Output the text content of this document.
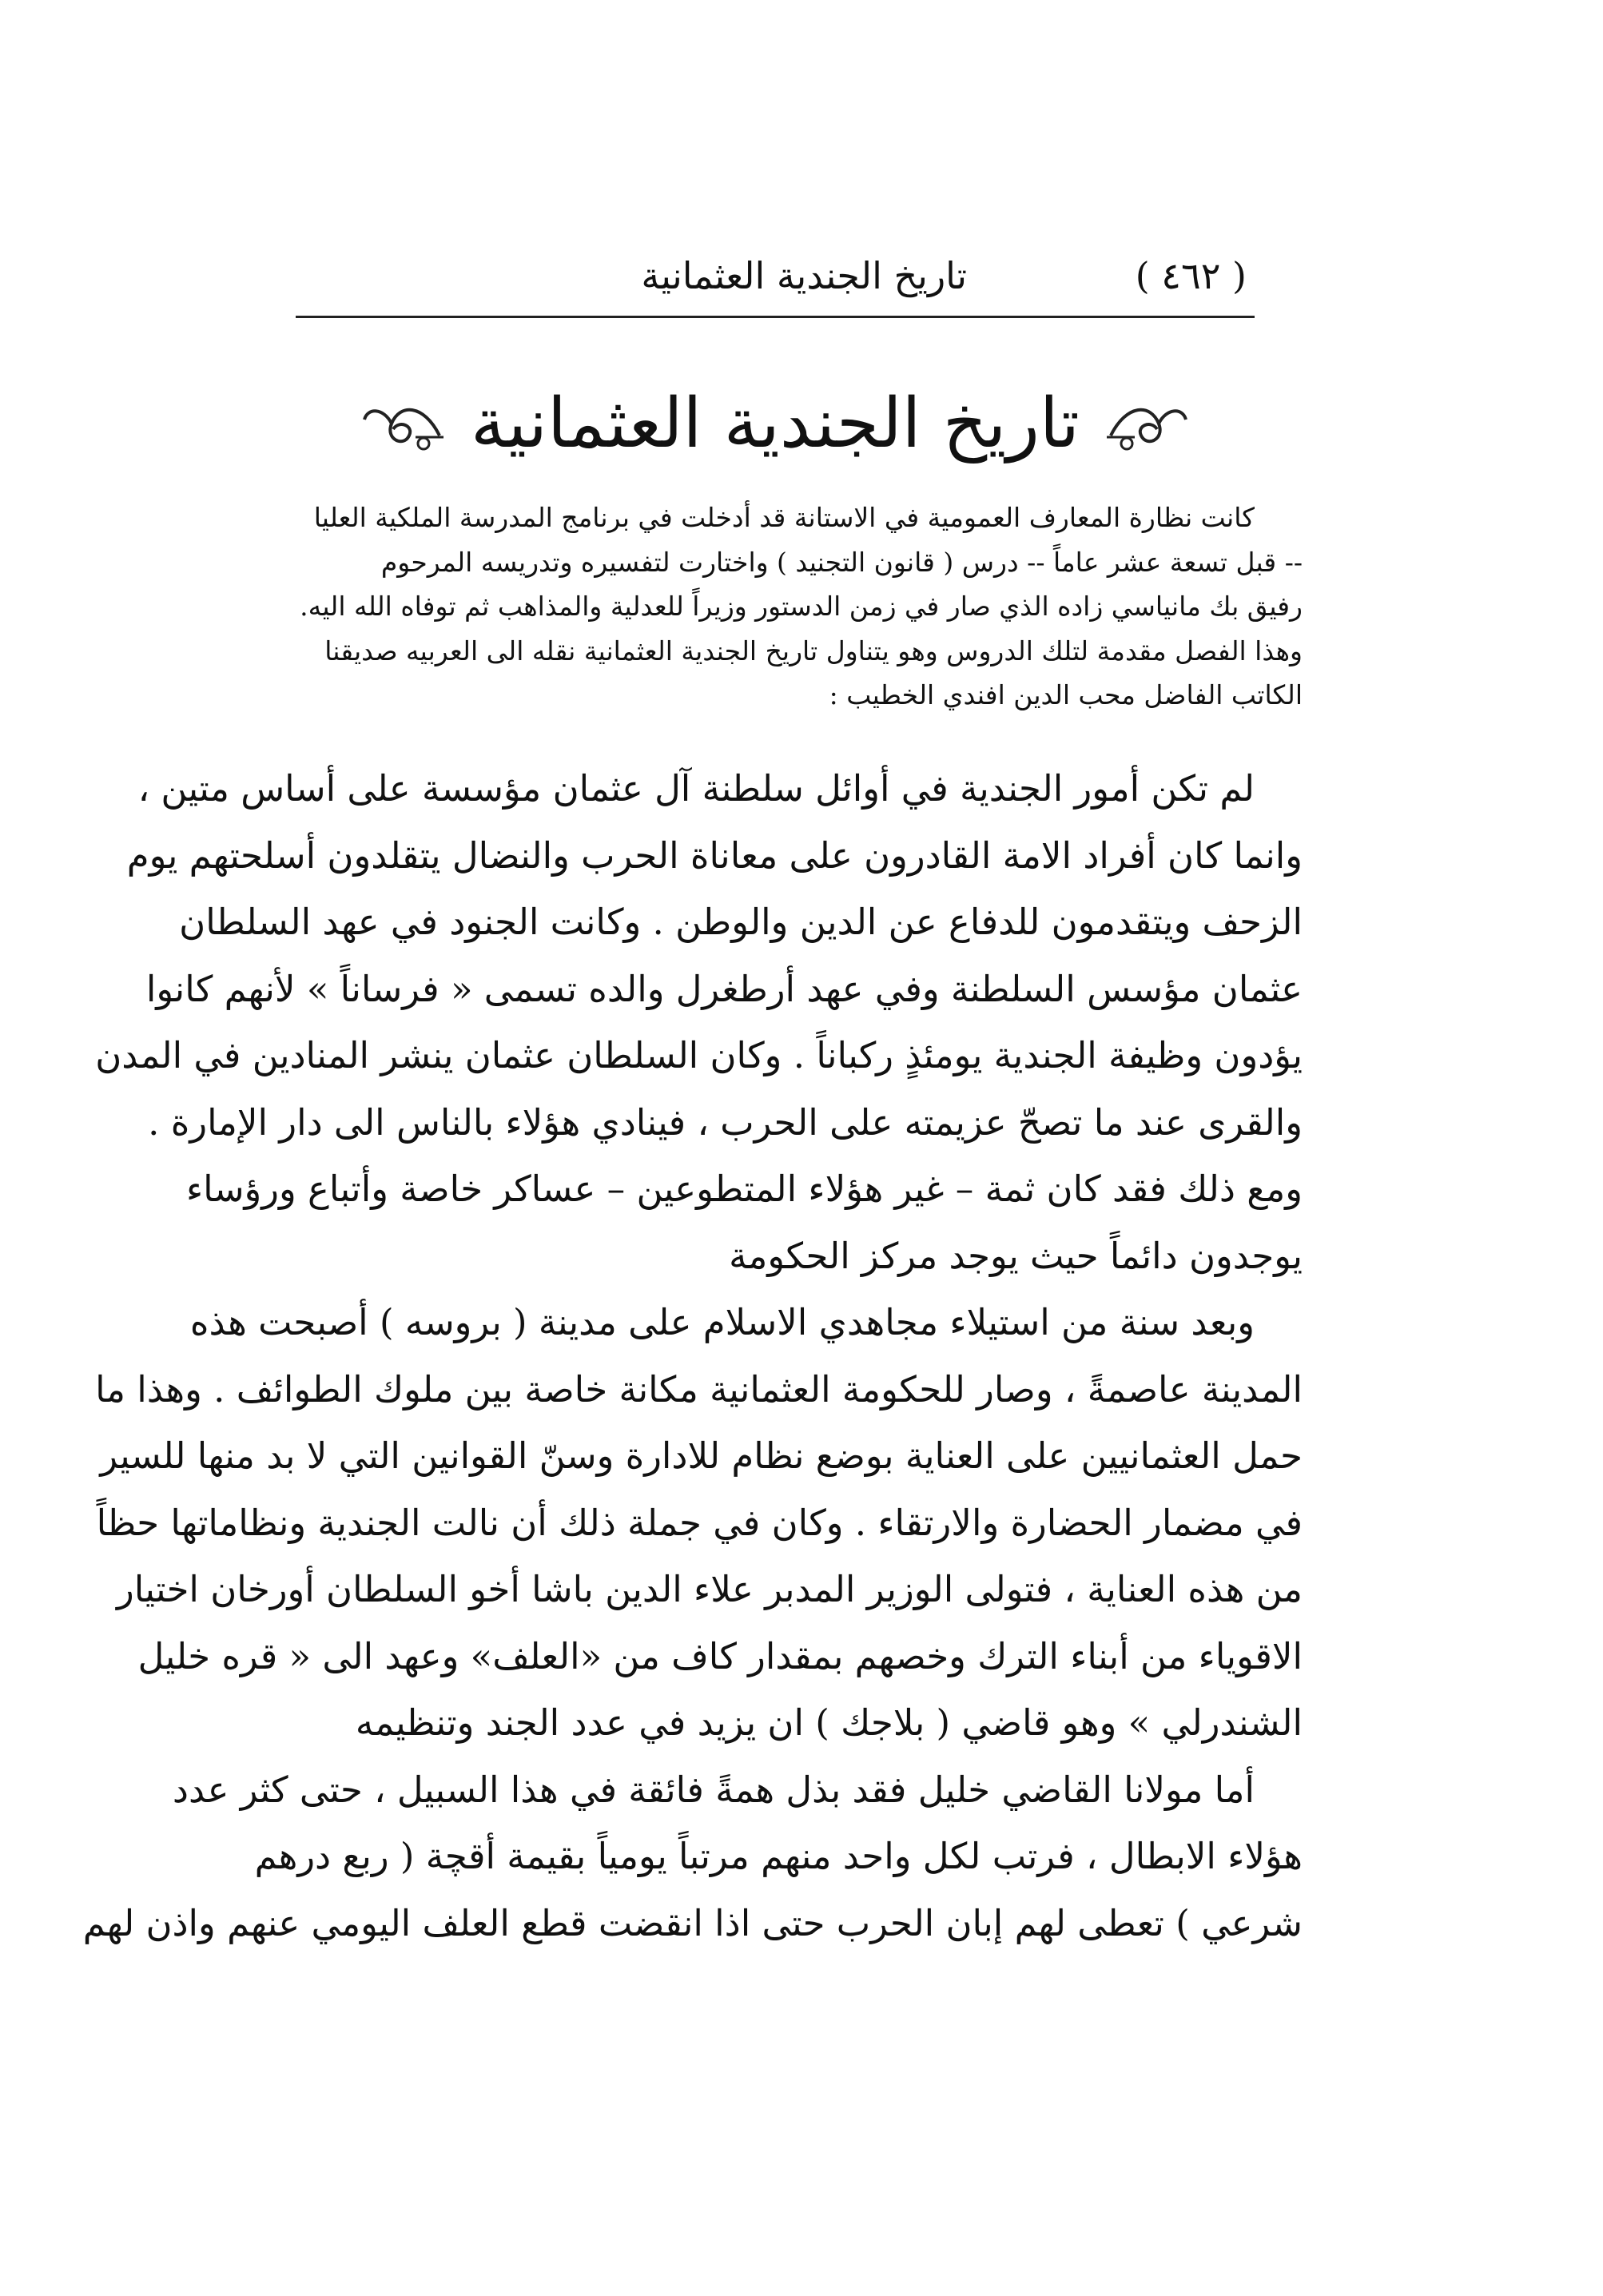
( ٤٦٢ )
تاريخ الجندية العثمانية
تاريخ الجندية العثمانية
كانت نظارة المعارف العمومية في الاستانة قد أدخلت في برنامج المدرسة الملكية العليا
-- قبل تسعة عشر عاماً -- درس ( قانون التجنيد ) واختارت لتفسيره وتدريسه المرحوم
رفيق بك مانياسي زاده الذي صار في زمن الدستور وزيراً للعدلية والمذاهب ثم توفاه الله اليه.
وهذا الفصل مقدمة لتلك الدروس وهو يتناول تاريخ الجندية العثمانية نقله الى العربيه صديقنا
الكاتب الفاضل محب الدين افندي الخطيب :
لم تكن أمور الجندية في أوائل سلطنة آل عثمان مؤسسة على أساس متين ،
وانما كان أفراد الامة القادرون على معاناة الحرب والنضال يتقلدون أسلحتهم يوم
الزحف ويتقدمون للدفاع عن الدين والوطن . وكانت الجنود في عهد السلطان
عثمان مؤسس السلطنة وفي عهد أرطغرل والده تسمى « فرساناً » لأنهم كانوا
يؤدون وظيفة الجندية يومئذٍ ركباناً . وكان السلطان عثمان ينشر المنادين في المدن
والقرى عند ما تصحّ عزيمته على الحرب ، فينادي هؤلاء بالناس الى دار الإمارة .
ومع ذلك فقد كان ثمة – غير هؤلاء المتطوعين – عساكر خاصة وأتباع ورؤساء
يوجدون دائماً حيث يوجد مركز الحكومة
وبعد سنة من استيلاء مجاهدي الاسلام على مدينة ( بروسه ) أصبحت هذه
المدينة عاصمةً ، وصار للحكومة العثمانية مكانة خاصة بين ملوك الطوائف . وهذا ما
حمل العثمانيين على العناية بوضع نظام للادارة وسنّ القوانين التي لا بد منها للسير
في مضمار الحضارة والارتقاء . وكان في جملة ذلك أن نالت الجندية ونظاماتها حظاً
من هذه العناية ، فتولى الوزير المدبر علاء الدين باشا أخو السلطان أورخان اختيار
الاقوياء من أبناء الترك وخصهم بمقدار كاف من «العلف» وعهد الى « قره خليل
الشندرلي » وهو قاضي ( بلاجك ) ان يزيد في عدد الجند وتنظيمه
أما مولانا القاضي خليل فقد بذل همةً فائقة في هذا السبيل ، حتى كثر عدد
هؤلاء الابطال ، فرتب لكل واحد منهم مرتباً يومياً بقيمة أقچة ( ربع درهم
شرعي ) تعطى لهم إبان الحرب حتى اذا انقضت قطع العلف اليومي عنهم واذن لهم
